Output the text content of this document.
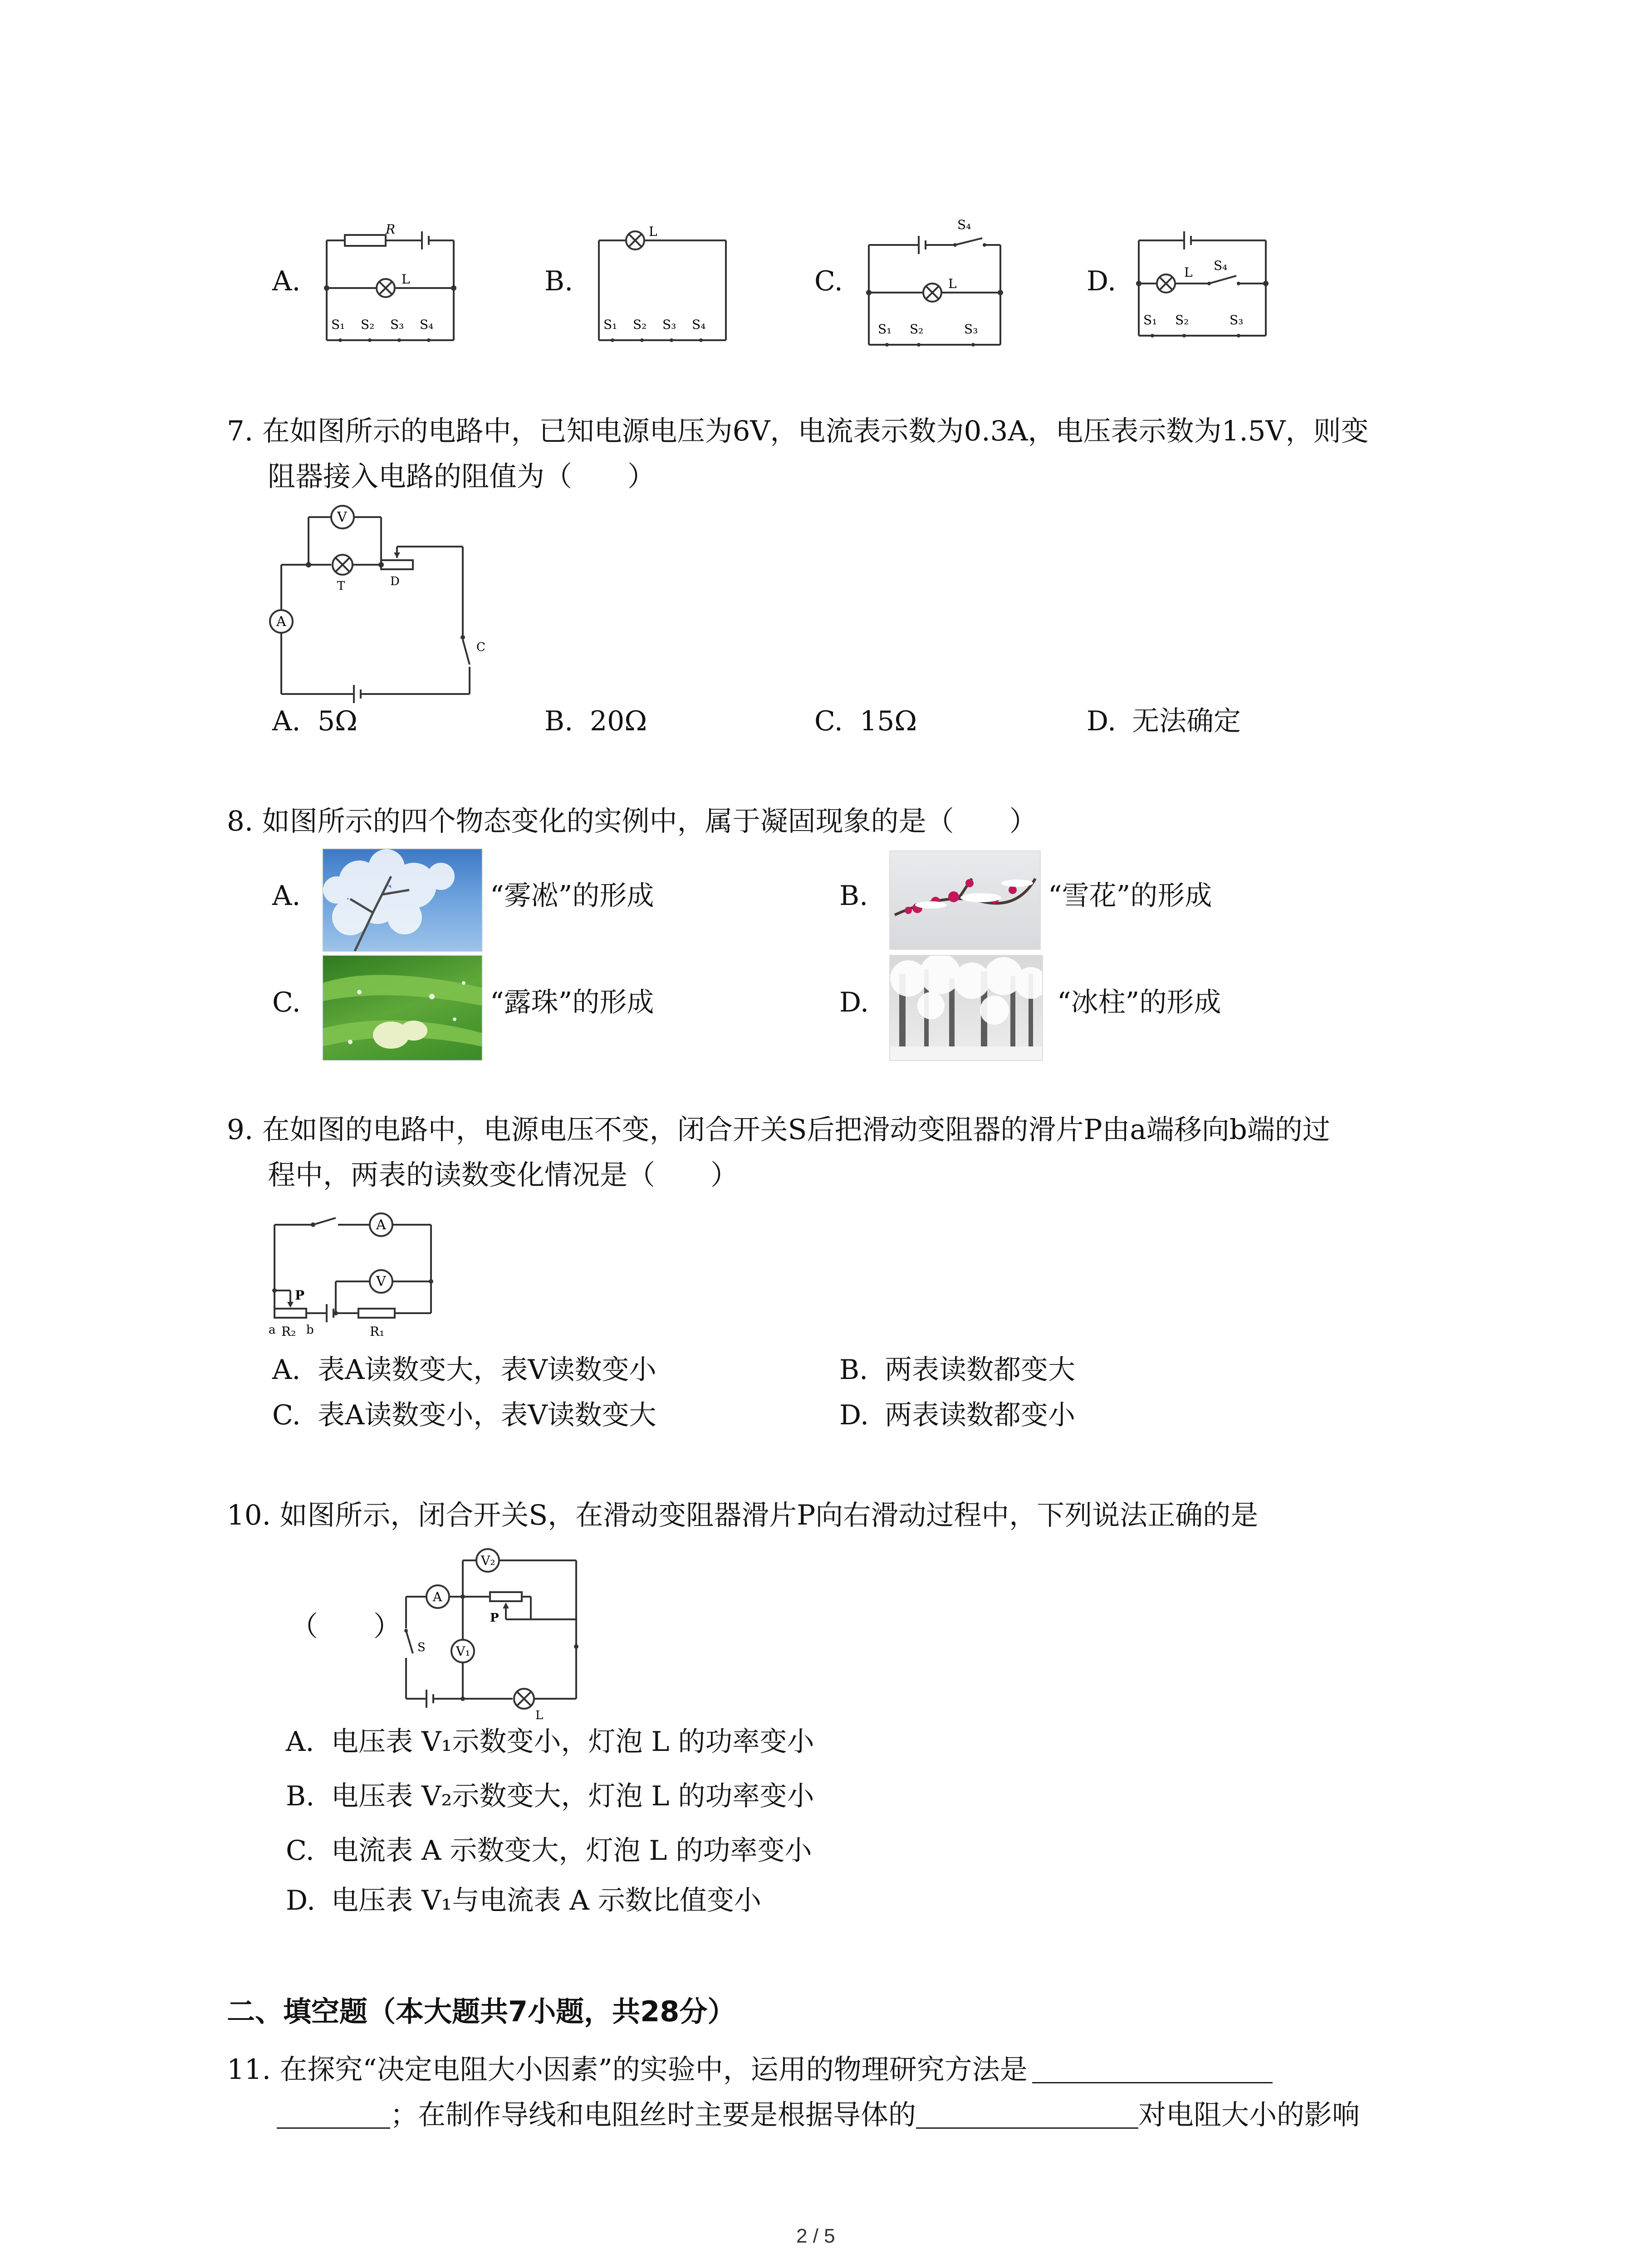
A.	B.	C.	D.
R
L
S₁ S₂ S₃ S₄
L
S₁ S₂ S₃ S₄
S₄
L
S₁ S₂	S₃
L S₄
S₁ S₂	S₃
7. 在如图所示的电路中，已知电源电压为6V，电流表示数为0.3A，电压表示数为1.5V，则变
阻器接入电路的阻值为（　　）
V
A
T	D
C
A. 5Ω	B. 20Ω	C. 15Ω	D. 无法确定
8. 如图所示的四个物态变化的实例中，属于凝固现象的是（　　）
A.	“雾凇”的形成	B.	“雪花”的形成
C.	“露珠”的形成	D.	“冰柱”的形成
9. 在如图的电路中，电源电压不变，闭合开关S后把滑动变阻器的滑片P由a端移向b端的过
程中，两表的读数变化情况是（　　）
A
V
P
a R₂ b	R₁
A. 表A读数变大，表V读数变小	B. 两表读数都变大
C. 表A读数变小，表V读数变大	D. 两表读数都变小
10. 如图所示，闭合开关S，在滑动变阻器滑片P向右滑动过程中，下列说法正确的是
（　　）
V₂
A
P
S V₁
L
A. 电压表 V₁示数变小，灯泡 L 的功率变小
B. 电压表 V₂示数变大，灯泡 L 的功率变小
C. 电流表 A 示数变大，灯泡 L 的功率变小
D. 电压表 V₁与电流表 A 示数比值变小
二、填空题（本大题共7小题，共28分）
11. 在探究“决定电阻大小因素”的实验中，运用的物理研究方法是
；在制作导线和电阻丝时主要是根据导体的	对电阻大小的影响
2 / 5
